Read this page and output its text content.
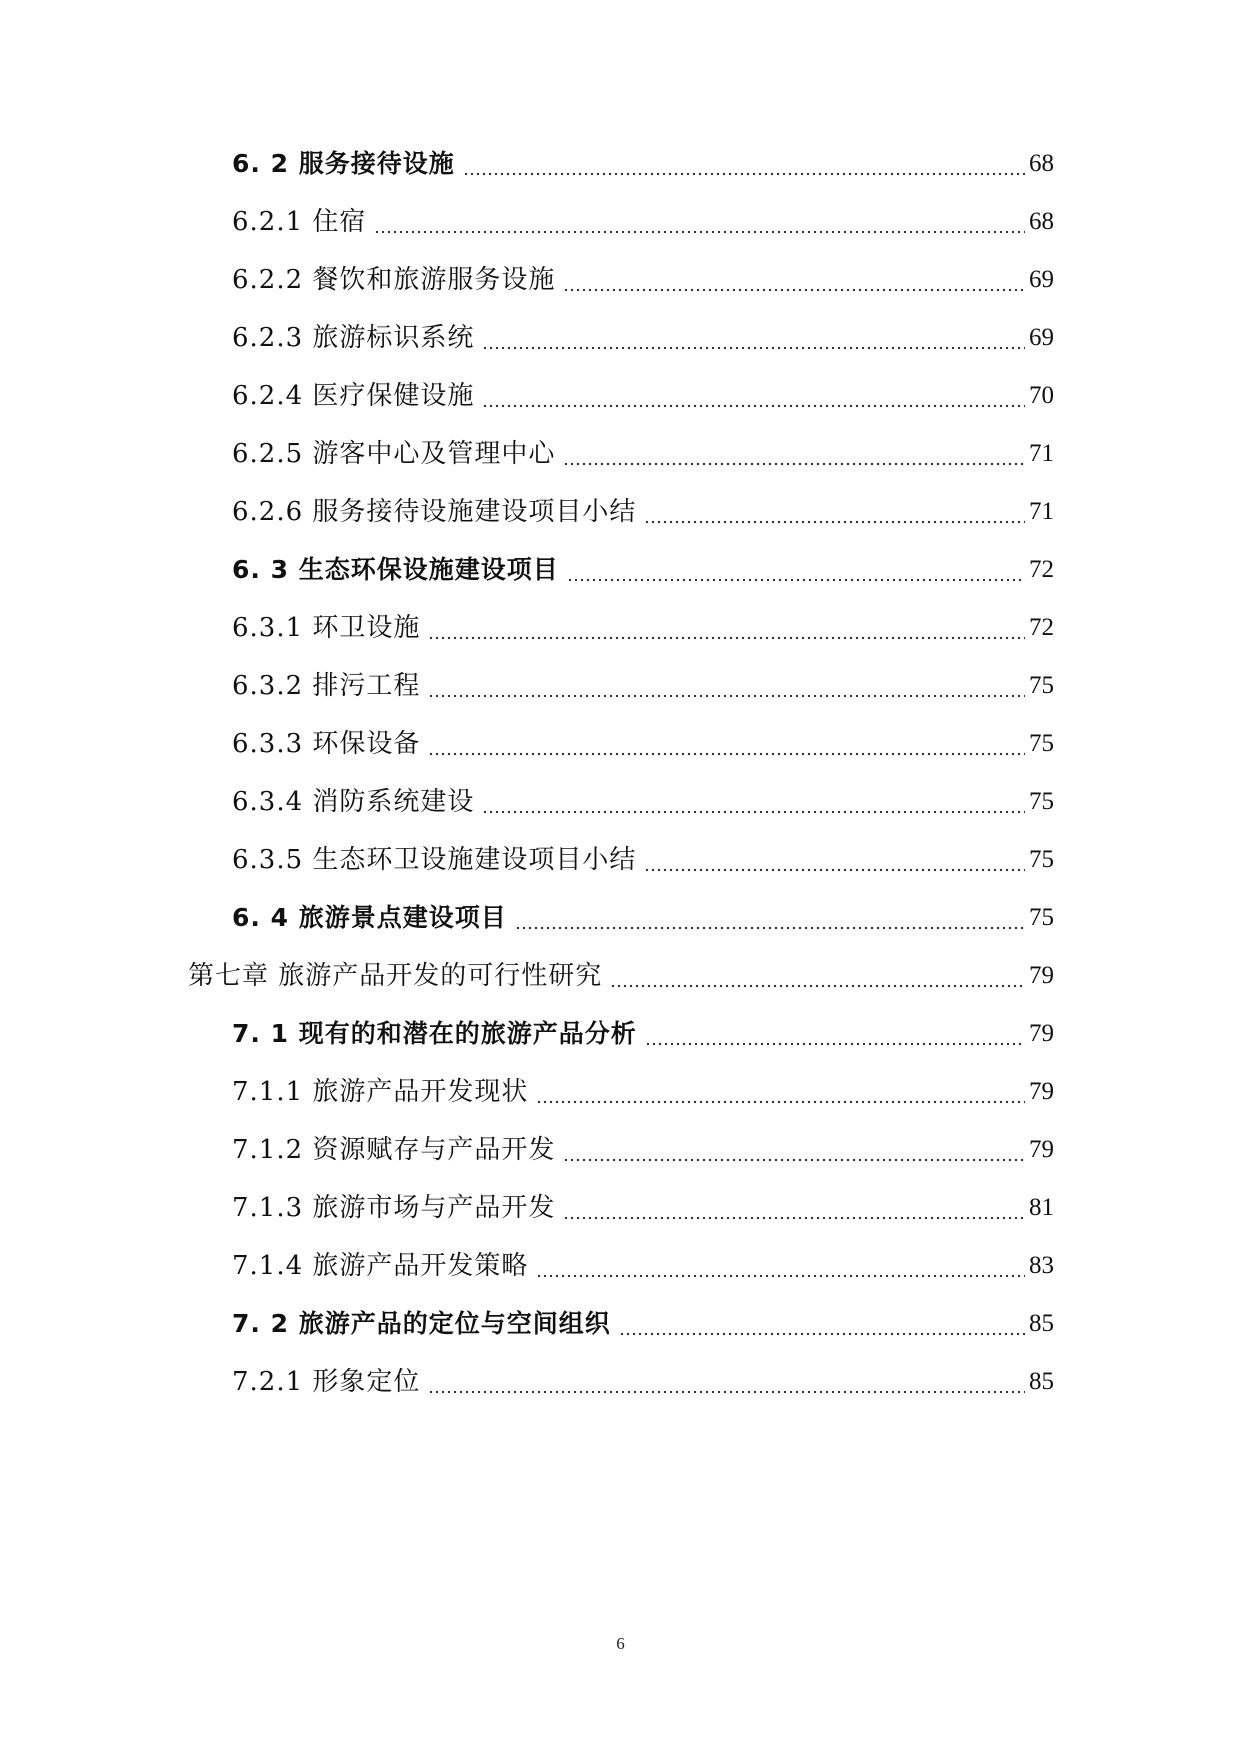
6. 2 服务接待设施	68
6.2.1 住宿	68
6.2.2 餐饮和旅游服务设施	69
6.2.3 旅游标识系统	69
6.2.4 医疗保健设施	70
6.2.5 游客中心及管理中心	71
6.2.6 服务接待设施建设项目小结	71
6. 3 生态环保设施建设项目	72
6.3.1 环卫设施	72
6.3.2 排污工程	75
6.3.3 环保设备	75
6.3.4 消防系统建设	75
6.3.5 生态环卫设施建设项目小结	75
6. 4 旅游景点建设项目	75
第七章 旅游产品开发的可行性研究	79
7. 1 现有的和潜在的旅游产品分析	79
7.1.1 旅游产品开发现状	79
7.1.2 资源赋存与产品开发	79
7.1.3 旅游市场与产品开发	81
7.1.4 旅游产品开发策略	83
7. 2 旅游产品的定位与空间组织	85
7.2.1 形象定位	85
6
